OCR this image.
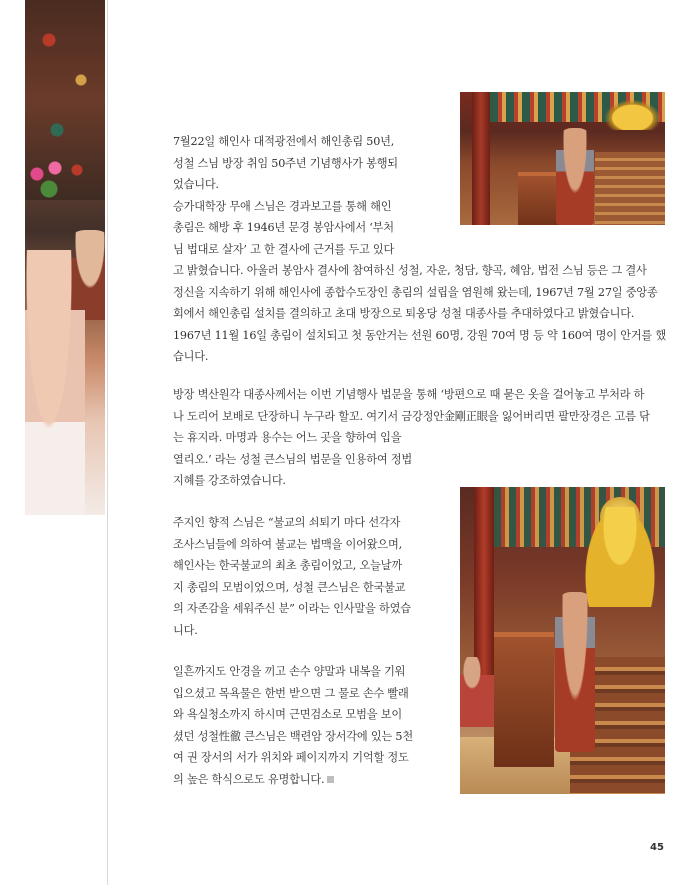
7월22일 해인사 대적광전에서 해인총림 50년,
성철 스님 방장 취임 50주년 기념행사가 봉행되
었습니다.
승가대학장 무애 스님은 경과보고를 통해 해인
총림은 해방 후 1946년 문경 봉암사에서 ‘부처
님 법대로 살자’ 고 한 결사에 근거를 두고 있다
고 밝혔습니다. 아울러 봉암사 결사에 참여하신 성철, 자운, 청담, 향곡, 혜암, 법전 스님 등은 그 결사
정신을 지속하기 위해 해인사에 종합수도장인 총림의 설립을 염원해 왔는데, 1967년 7월 27일 중앙종
회에서 해인총림 설치를 결의하고 초대 방장으로 퇴옹당 성철 대종사를 추대하였다고 밝혔습니다.
1967년 11월 16일 총림이 설치되고 첫 동안거는 선원 60명, 강원 70여 명 등 약 160여 명이 안거를 했
습니다.
방장 벽산원각 대종사께서는 이번 기념행사 법문을 통해 ‘방편으로 때 묻은 옷을 걸어놓고 부처라 하
나 도리어 보배로 단장하니 누구라 할꼬. 여기서 금강정안金剛正眼을 잃어버리면 팔만장경은 고름 닦
는 휴지라. 마명과 용수는 어느 곳을 향하여 입을
열리오.’ 라는 성철 큰스님의 법문을 인용하여 정법
지혜를 강조하였습니다.
주지인 향적 스님은 “불교의 쇠퇴기 마다 선각자
조사스님들에 의하여 불교는 법맥을 이어왔으며,
해인사는 한국불교의 최초 총림이었고, 오늘날까
지 총림의 모범이었으며, 성철 큰스님은 한국불교
의 자존감을 세워주신 분” 이라는 인사말을 하였습
니다.
일흔까지도 안경을 끼고 손수 양말과 내복을 기워
입으셨고 목욕물은 한번 받으면 그 물로 손수 빨래
와 욕실청소까지 하시며 근면검소로 모범을 보이
셨던 성철性徹 큰스님은 백련암 장서각에 있는 5천
여 권 장서의 서가 위치와 페이지까지 기억할 정도
의 높은 학식으로도 유명합니다.
45
